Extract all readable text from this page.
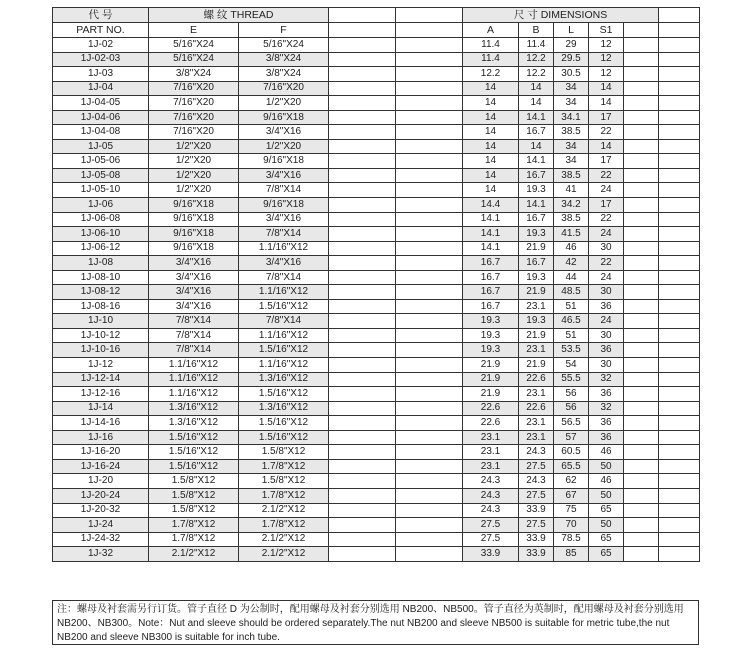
代 号	螺 纹 THREAD				尺 寸 DIMENSIONS					
PART NO.	E	F			A	B	L	S1		
1J-02	5/16"X24	5/16"X24			11.4	11.4	29	12		
1J-02-03	5/16"X24	3/8"X24			11.4	12.2	29.5	12		
1J-03	3/8"X24	3/8"X24			12.2	12.2	30.5	12		
1J-04	7/16"X20	7/16"X20			14	14	34	14		
1J-04-05	7/16"X20	1/2"X20			14	14	34	14		
1J-04-06	7/16"X20	9/16"X18			14	14.1	34.1	17		
1J-04-08	7/16"X20	3/4"X16			14	16.7	38.5	22		
1J-05	1/2"X20	1/2"X20			14	14	34	14		
1J-05-06	1/2"X20	9/16"X18			14	14.1	34	17		
1J-05-08	1/2"X20	3/4"X16			14	16.7	38.5	22		
1J-05-10	1/2"X20	7/8"X14			14	19.3	41	24		
1J-06	9/16"X18	9/16"X18			14.4	14.1	34.2	17		
1J-06-08	9/16"X18	3/4"X16			14.1	16.7	38.5	22		
1J-06-10	9/16"X18	7/8"X14			14.1	19.3	41.5	24		
1J-06-12	9/16"X18	1.1/16"X12			14.1	21.9	46	30		
1J-08	3/4"X16	3/4"X16			16.7	16.7	42	22		
1J-08-10	3/4"X16	7/8"X14			16.7	19.3	44	24		
1J-08-12	3/4"X16	1.1/16"X12			16.7	21.9	48.5	30		
1J-08-16	3/4"X16	1.5/16"X12			16.7	23.1	51	36		
1J-10	7/8"X14	7/8"X14			19.3	19.3	46.5	24		
1J-10-12	7/8"X14	1.1/16"X12			19.3	21.9	51	30		
1J-10-16	7/8"X14	1.5/16"X12			19.3	23.1	53.5	36		
1J-12	1.1/16"X12	1.1/16"X12			21.9	21.9	54	30		
1J-12-14	1.1/16"X12	1.3/16"X12			21.9	22.6	55.5	32		
1J-12-16	1.1/16"X12	1.5/16"X12			21.9	23.1	56	36		
1J-14	1.3/16"X12	1.3/16"X12			22.6	22.6	56	32		
1J-14-16	1.3/16"X12	1.5/16"X12			22.6	23.1	56.5	36		
1J-16	1.5/16"X12	1.5/16"X12			23.1	23.1	57	36		
1J-16-20	1.5/16"X12	1.5/8"X12			23.1	24.3	60.5	46		
1J-16-24	1.5/16"X12	1.7/8"X12			23.1	27.5	65.5	50		
1J-20	1.5/8"X12	1.5/8"X12			24.3	24.3	62	46		
1J-20-24	1.5/8"X12	1.7/8"X12			24.3	27.5	67	50		
1J-20-32	1.5/8"X12	2.1/2"X12			24.3	33.9	75	65		
1J-24	1.7/8"X12	1.7/8"X12			27.5	27.5	70	50		
1J-24-32	1.7/8"X12	2.1/2"X12			27.5	33.9	78.5	65		
1J-32	2.1/2"X12	2.1/2"X12			33.9	33.9	85	65		
注：螺母及衬套需另行订货。管子直径 D 为公制时，配用螺母及衬套分别选用 NB200、NB500。管子直径为英制时，配用螺母及衬套分别选用 NB200、NB300。Note：Nut and sleeve should be ordered separately.The nut NB200 and sleeve NB500 is suitable for metric tube,the nut NB200 and sleeve NB300 is suitable for inch tube.
